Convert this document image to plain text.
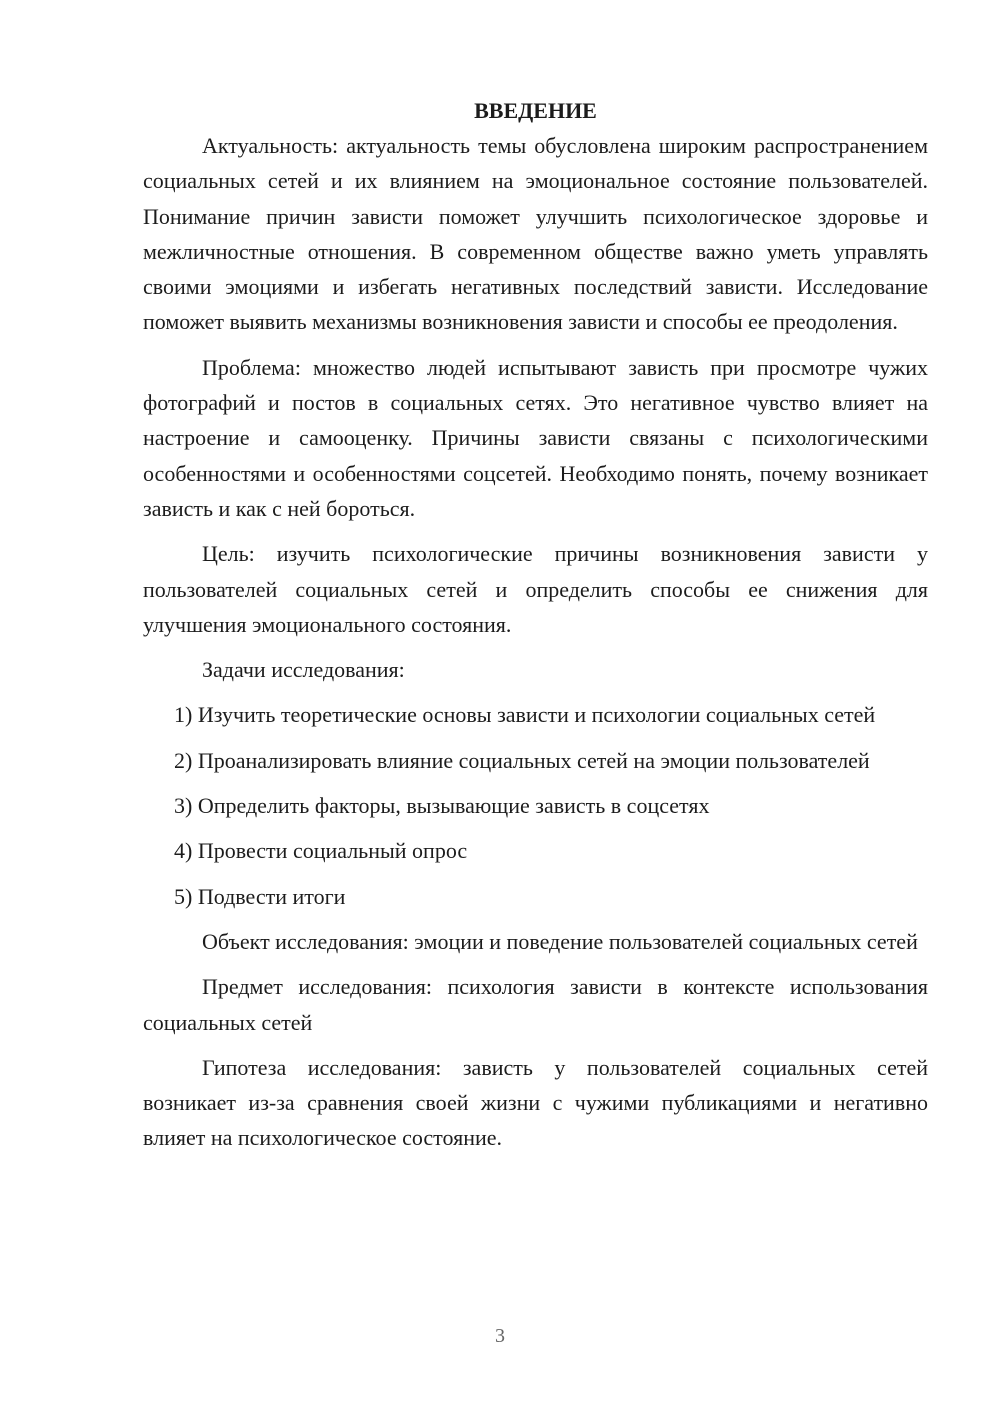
ВВЕДЕНИЕ

Актуальность: актуальность темы обусловлена широким распространением социальных сетей и их влиянием на эмоциональное состояние пользователей. Понимание причин зависти поможет улучшить психологическое здоровье и межличностные отношения. В современном обществе важно уметь управлять своими эмоциями и избегать негативных последствий зависти. Исследование поможет выявить механизмы возникновения зависти и способы ее преодоления.

Проблема: множество людей испытывают зависть при просмотре чужих фотографий и постов в социальных сетях. Это негативное чувство влияет на настроение и самооценку. Причины зависти связаны с психологическими особенностями и особенностями соцсетей. Необходимо понять, почему возникает зависть и как с ней бороться.

Цель: изучить психологические причины возникновения зависти у пользователей социальных сетей и определить способы ее снижения для улучшения эмоционального состояния.

Задачи исследования:

1) Изучить теоретические основы зависти и психологии социальных сетей

2) Проанализировать влияние социальных сетей на эмоции пользователей

3) Определить факторы, вызывающие зависть в соцсетях

4) Провести социальный опрос

5) Подвести итоги

Объект исследования: эмоции и поведение пользователей социальных сетей

Предмет исследования: психология зависти в контексте использования социальных сетей

Гипотеза исследования: зависть у пользователей социальных сетей возникает из-за сравнения своей жизни с чужими публикациями и негативно влияет на психологическое состояние.

3
